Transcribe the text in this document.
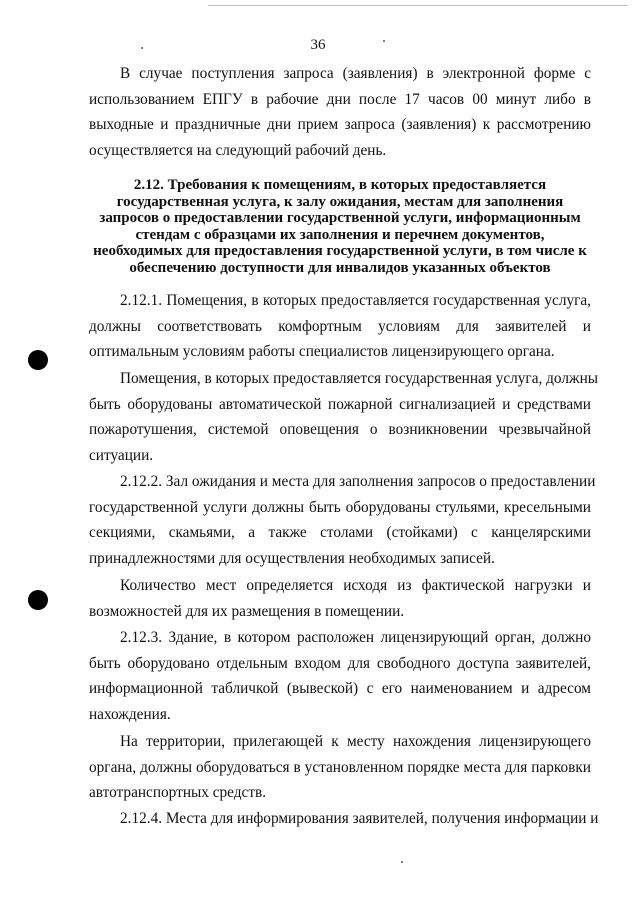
36
В случае поступления запроса (заявления) в электронной форме с
использованием ЕПГУ в рабочие дни после 17 часов 00 минут либо в
выходные и праздничные дни прием запроса (заявления) к рассмотрению
осуществляется на следующий рабочий день.
2.12. Требования к помещениям, в которых предоставляется
государственная услуга, к залу ожидания, местам для заполнения
запросов о предоставлении государственной услуги, информационным
стендам с образцами их заполнения и перечнем документов,
необходимых для предоставления государственной услуги, в том числе к
обеспечению доступности для инвалидов указанных объектов
2.12.1. Помещения, в которых предоставляется государственная услуга,
должны соответствовать комфортным условиям для заявителей и
оптимальным условиям работы специалистов лицензирующего органа.
Помещения, в которых предоставляется государственная услуга, должны
быть оборудованы автоматической пожарной сигнализацией и средствами
пожаротушения, системой оповещения о возникновении чрезвычайной
ситуации.
2.12.2. Зал ожидания и места для заполнения запросов о предоставлении
государственной услуги должны быть оборудованы стульями, кресельными
секциями, скамьями, а также столами (стойками) с канцелярскими
принадлежностями для осуществления необходимых записей.
Количество мест определяется исходя из фактической нагрузки и
возможностей для их размещения в помещении.
2.12.3. Здание, в котором расположен лицензирующий орган, должно
быть оборудовано отдельным входом для свободного доступа заявителей,
информационной табличкой (вывеской) с его наименованием и адресом
нахождения.
На территории, прилегающей к месту нахождения лицензирующего
органа, должны оборудоваться в установленном порядке места для парковки
автотранспортных средств.
2.12.4. Места для информирования заявителей, получения информации и
